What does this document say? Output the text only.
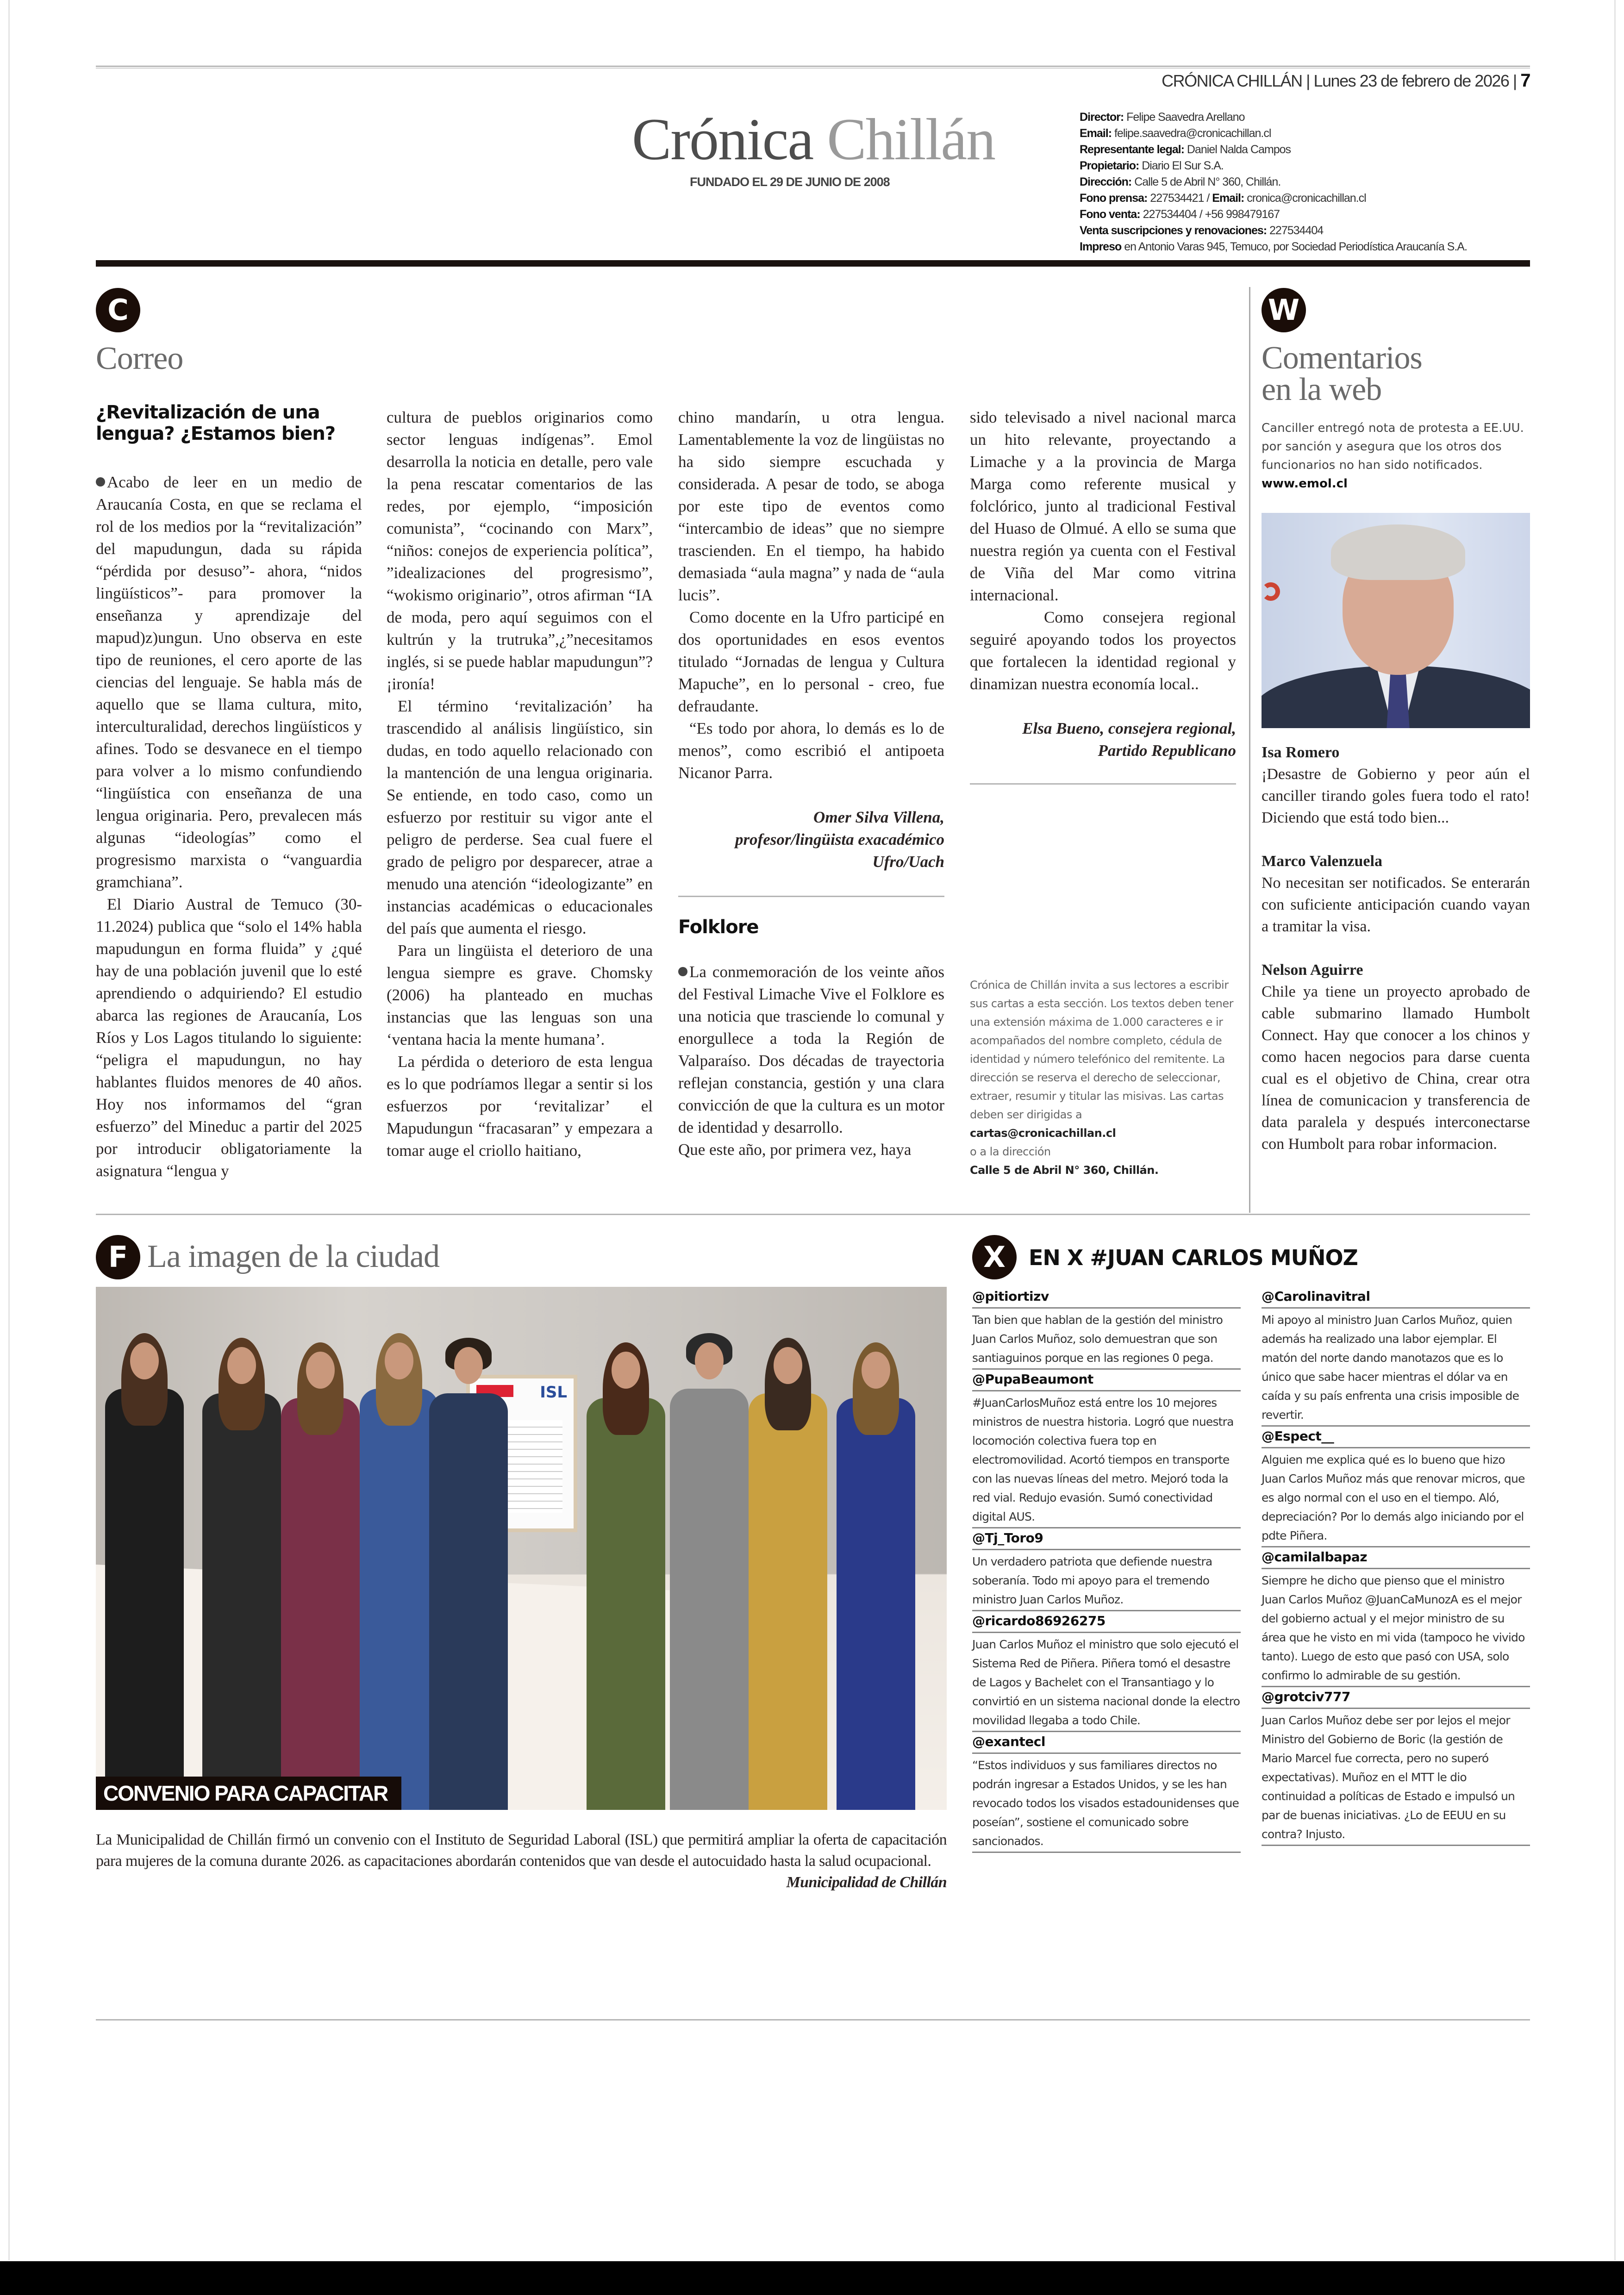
CRÓNICA CHILLÁN | Lunes 23 de febrero de 2026 | 7
Crónica Chillán
FUNDADO EL 29 DE JUNIO DE 2008
Director: Felipe Saavedra Arellano
Email: felipe.saavedra@cronicachillan.cl
Representante legal: Daniel Nalda Campos
Propietario: Diario El Sur S.A.
Dirección: Calle 5 de Abril N° 360, Chillán.
Fono prensa: 227534421 / Email: cronica@cronicachillan.cl
Fono venta: 227534404 / +56 998479167
Venta suscripciones y renovaciones: 227534404
Impreso en Antonio Varas 945, Temuco, por Sociedad Periodística Araucanía S.A.
C
Correo
¿Revitalización de una lengua? ¿Estamos bien?

Acabo de leer en un medio de Araucanía Costa, en que se reclama el rol de los medios por la “revitalización” del mapudungun, dada su rápida “pérdida por desuso”- ahora, “nidos lingüísticos”- para promover la enseñanza y aprendizaje del mapud)z)ungun. Uno observa en este tipo de reuniones, el cero aporte de las ciencias del lenguaje. Se habla más de aquello que se llama cultura, mito, interculturalidad, derechos lingüísticos y afines. Todo se desvanece en el tiempo para volver a lo mismo confundiendo “lingüística con enseñanza de una lengua originaria. Pero, prevalecen más algunas “ideologías” como el progresismo marxista o “vanguardia gramchiana”.

El Diario Austral de Temuco (30-11.2024) publica que “solo el 14% habla mapudungun en forma fluida” y ¿qué hay de una población juvenil que lo esté aprendiendo o adquiriendo? El estudio abarca las regiones de Araucanía, Los Ríos y Los Lagos titulando lo siguiente: “peligra el mapudungun, no hay hablantes fluidos menores de 40 años. Hoy nos informamos del “gran esfuerzo” del Mineduc a partir del 2025 por introducir obligatoriamente la asignatura “lengua y

cultura de pueblos originarios como sector lenguas indígenas”. Emol desarrolla la noticia en detalle, pero vale la pena rescatar comentarios de las redes, por ejemplo, “imposición comunista”, “cocinando con Marx”, “niños: conejos de experiencia política”, ”idealizaciones del progresismo”, “wokismo originario”, otros afirman “IA de moda, pero aquí seguimos con el kultrún y la trutruka”,¿”necesitamos inglés, si se puede hablar mapudungun”? ¡ironía!

El término ‘revitalización’ ha trascendido al análisis lingüístico, sin dudas, en todo aquello relacionado con la mantención de una lengua originaria. Se entiende, en todo caso, como un esfuerzo por restituir su vigor ante el peligro de perderse. Sea cual fuere el grado de peligro por desparecer, atrae a menudo una atención “ideologizante” en instancias académicas o educacionales del país que aumenta el riesgo.

Para un lingüista el deterioro de una lengua siempre es grave. Chomsky (2006) ha planteado en muchas instancias que las lenguas son una ‘ventana hacia la mente humana’.

La pérdida o deterioro de esta lengua es lo que podríamos llegar a sentir si los esfuerzos por ‘revitalizar’ el Mapudungun “fracasaran” y empezara a tomar auge el criollo haitiano,

chino mandarín, u otra lengua. Lamentablemente la voz de lingüistas no ha sido siempre escuchada y considerada. A pesar de todo, se aboga por este tipo de eventos como “intercambio de ideas” que no siempre trascienden. En el tiempo, ha habido demasiada “aula magna” y nada de “aula lucis”.

Como docente en la Ufro participé en dos oportunidades en esos eventos titulado “Jornadas de lengua y Cultura Mapuche”, en lo personal - creo, fue defraudante.

“Es todo por ahora, lo demás es lo de menos”, como escribió el antipoeta Nicanor Parra.

Omer Silva Villena,

profesor/lingüista exacadémico

Ufro/Uach

Folklore

La conmemoración de los veinte años del Festival Limache Vive el Folklore es una noticia que trasciende lo comunal y enorgullece a toda la Región de Valparaíso. Dos décadas de trayectoria reflejan constancia, gestión y una clara convicción de que la cultura es un motor de identidad y desarrollo.

Que este año, por primera vez, haya

sido televisado a nivel nacional marca un hito relevante, proyectando a Limache y a la provincia de Marga Marga como referente musical y folclórico, junto al tradicional Festival del Huaso de Olmué. A ello se suma que nuestra región ya cuenta con el Festival de Viña del Mar como vitrina internacional.

Como consejera regional seguiré apoyando todos los proyectos que fortalecen la identidad regional y dinamizan nuestra economía local..

Elsa Bueno, consejera regional,

Partido Republicano

Crónica de Chillán invita a sus lectores a escribir sus cartas a esta sección. Los textos deben tener una extensión máxima de 1.000 caracteres e ir acompañados del nombre completo, cédula de identidad y número telefónico del remitente. La dirección se reserva el derecho de seleccionar, extraer, resumir y titular las misivas. Las cartas deben ser dirigidas a
cartas@cronicachillan.cl
o a la dirección
Calle 5 de Abril N° 360, Chillán.
W
Comentarios
en la web
Canciller entregó nota de protesta a EE.UU. por sanción y asegura que los otros dos funcionarios no han sido notificados. www.emol.cl
Isa Romero
¡Desastre de Gobierno y peor aún el canciller tirando goles fuera todo el rato! Diciendo que está todo bien...
Marco Valenzuela
No necesitan ser notificados. Se enterarán con suficiente anticipación cuando vayan a tramitar la visa.
Nelson Aguirre
Chile ya tiene un proyecto aprobado de cable submarino llamado Humbolt Connect. Hay que conocer a los chinos y como hacen negocios para darse cuenta cual es el objetivo de China, crear otra línea de comunicacion y transferencia de data paralela y después interconectarse con Humbolt para robar informacion.
F La imagen de la ciudad
ISL
CONVENIO PARA CAPACITAR
La Municipalidad de Chillán firmó un convenio con el Instituto de Seguridad Laboral (ISL) que permitirá ampliar la oferta de capacitación para mujeres de la comuna durante 2026. as capacitaciones abordarán contenidos que van desde el autocuidado hasta la salud ocupacional.
Municipalidad de Chillán
X	EN X #JUAN CARLOS MUÑOZ
@pitiortizv
Tan bien que hablan de la gestión del ministro Juan Carlos Muñoz, solo demuestran que son santiaguinos porque en las regiones 0 pega.
@PupaBeaumont
#JuanCarlosMuñoz está entre los 10 mejores ministros de nuestra historia. Logró que nuestra locomoción colectiva fuera top en electromovilidad. Acortó tiempos en transporte con las nuevas líneas del metro. Mejoró toda la red vial. Redujo evasión. Sumó conectividad digital AUS.
@Tj_Toro9
Un verdadero patriota que defiende nuestra soberanía. Todo mi apoyo para el tremendo ministro Juan Carlos Muñoz.
@ricardo86926275
Juan Carlos Muñoz el ministro que solo ejecutó el Sistema Red de Piñera. Piñera tomó el desastre de Lagos y Bachelet con el Transantiago y lo convirtió en un sistema nacional donde la electro movilidad llegaba a todo Chile.
@exantecl
“Estos individuos y sus familiares directos no podrán ingresar a Estados Unidos, y se les han revocado todos los visados estadounidenses que poseían”, sostiene el comunicado sobre sancionados.
@Carolinavitral
Mi apoyo al ministro Juan Carlos Muñoz, quien además ha realizado una labor ejemplar. El matón del norte dando manotazos que es lo único que sabe hacer mientras el dólar va en caída y su país enfrenta una crisis imposible de revertir.
@Espect__
Alguien me explica qué es lo bueno que hizo Juan Carlos Muñoz más que renovar micros, que es algo normal con el uso en el tiempo. Aló, depreciación? Por lo demás algo iniciando por el pdte Piñera.
@camilalbapaz
Siempre he dicho que pienso que el ministro Juan Carlos Muñoz @JuanCaMunozA es el mejor del gobierno actual y el mejor ministro de su área que he visto en mi vida (tampoco he vivido tanto). Luego de esto que pasó con USA, solo confirmo lo admirable de su gestión.
@grotciv777
Juan Carlos Muñoz debe ser por lejos el mejor Ministro del Gobierno de Boric (la gestión de Mario Marcel fue correcta, pero no superó expectativas). Muñoz en el MTT le dio continuidad a políticas de Estado e impulsó un par de buenas iniciativas. ¿Lo de EEUU en su contra? Injusto.
